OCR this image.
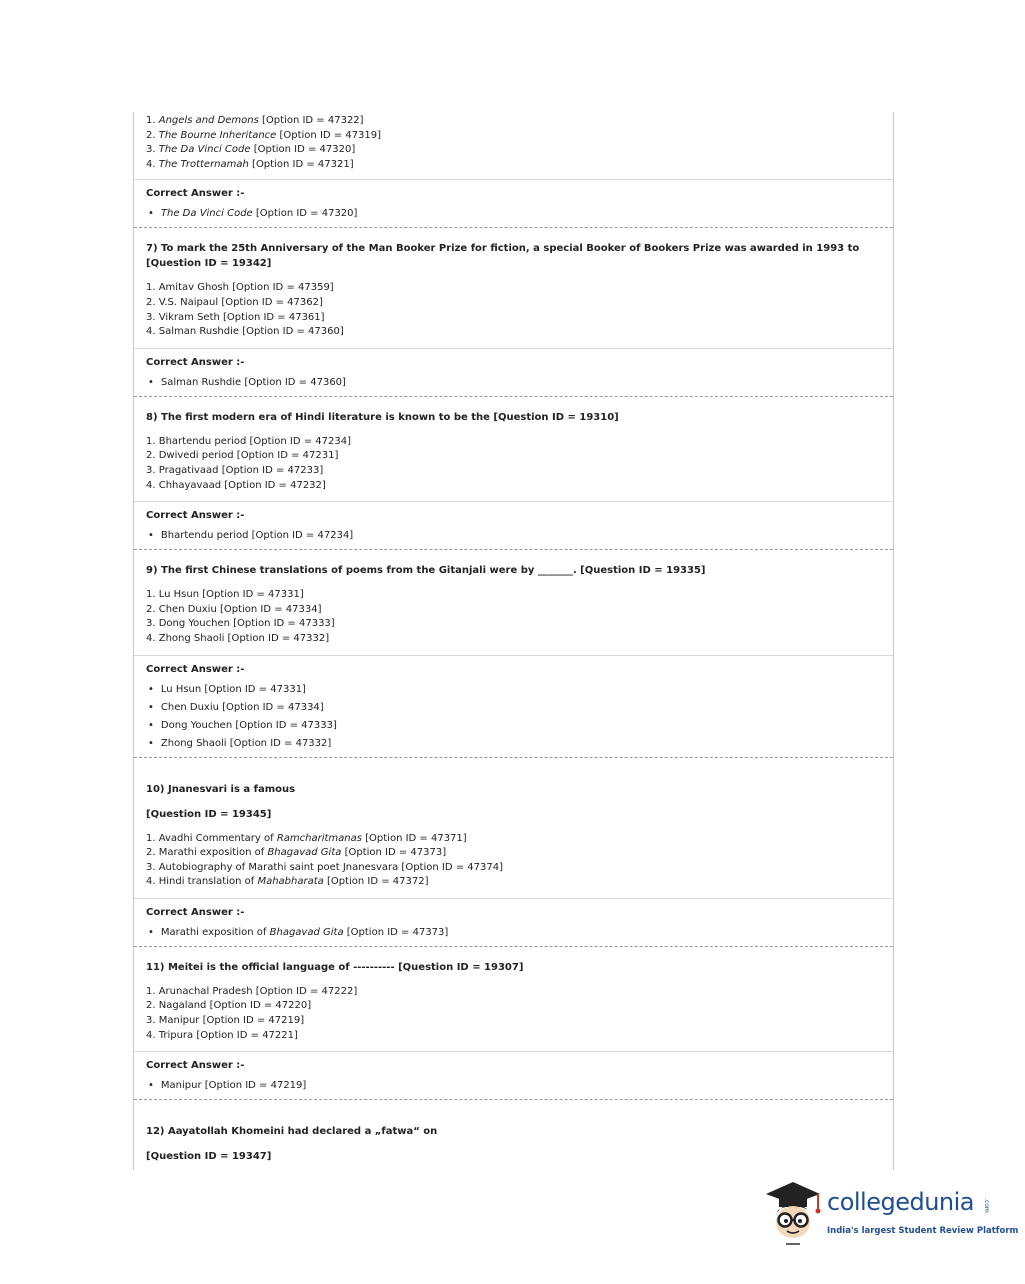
1. Angels and Demons [Option ID = 47322]
2. The Bourne Inheritance [Option ID = 47319]
3. The Da Vinci Code [Option ID = 47320]
4. The Trotternamah [Option ID = 47321]

Correct Answer :-

• The Da Vinci Code [Option ID = 47320]

7) To mark the 25th Anniversary of the Man Booker Prize for fiction, a special Booker of Bookers Prize was awarded in 1993 to [Question ID = 19342]

1. Amitav Ghosh [Option ID = 47359]
2. V.S. Naipaul [Option ID = 47362]
3. Vikram Seth [Option ID = 47361]
4. Salman Rushdie [Option ID = 47360]

Correct Answer :-

• Salman Rushdie [Option ID = 47360]

8) The first modern era of Hindi literature is known to be the [Question ID = 19310]

1. Bhartendu period [Option ID = 47234]
2. Dwivedi period [Option ID = 47231]
3. Pragativaad [Option ID = 47233]
4. Chhayavaad [Option ID = 47232]

Correct Answer :-

• Bhartendu period [Option ID = 47234]

9) The first Chinese translations of poems from the Gitanjali were by _______. [Question ID = 19335]

1. Lu Hsun [Option ID = 47331]
2. Chen Duxiu [Option ID = 47334]
3. Dong Youchen [Option ID = 47333]
4. Zhong Shaoli [Option ID = 47332]

Correct Answer :-

• Lu Hsun [Option ID = 47331]
• Chen Duxiu [Option ID = 47334]
• Dong Youchen [Option ID = 47333]
• Zhong Shaoli [Option ID = 47332]

10) Jnanesvari is a famous

[Question ID = 19345]

1. Avadhi Commentary of Ramcharitmanas [Option ID = 47371]
2. Marathi exposition of Bhagavad Gita [Option ID = 47373]
3. Autobiography of Marathi saint poet Jnanesvara [Option ID = 47374]
4. Hindi translation of Mahabharata [Option ID = 47372]

Correct Answer :-

• Marathi exposition of Bhagavad Gita [Option ID = 47373]

11) Meitei is the official language of ---------- [Question ID = 19307]

1. Arunachal Pradesh [Option ID = 47222]
2. Nagaland [Option ID = 47220]
3. Manipur [Option ID = 47219]
4. Tripura [Option ID = 47221]

Correct Answer :-

• Manipur [Option ID = 47219]

12) Aayatollah Khomeini had declared a „fatwa“ on

[Question ID = 19347]

collegedunia .com
India's largest Student Review Platform
